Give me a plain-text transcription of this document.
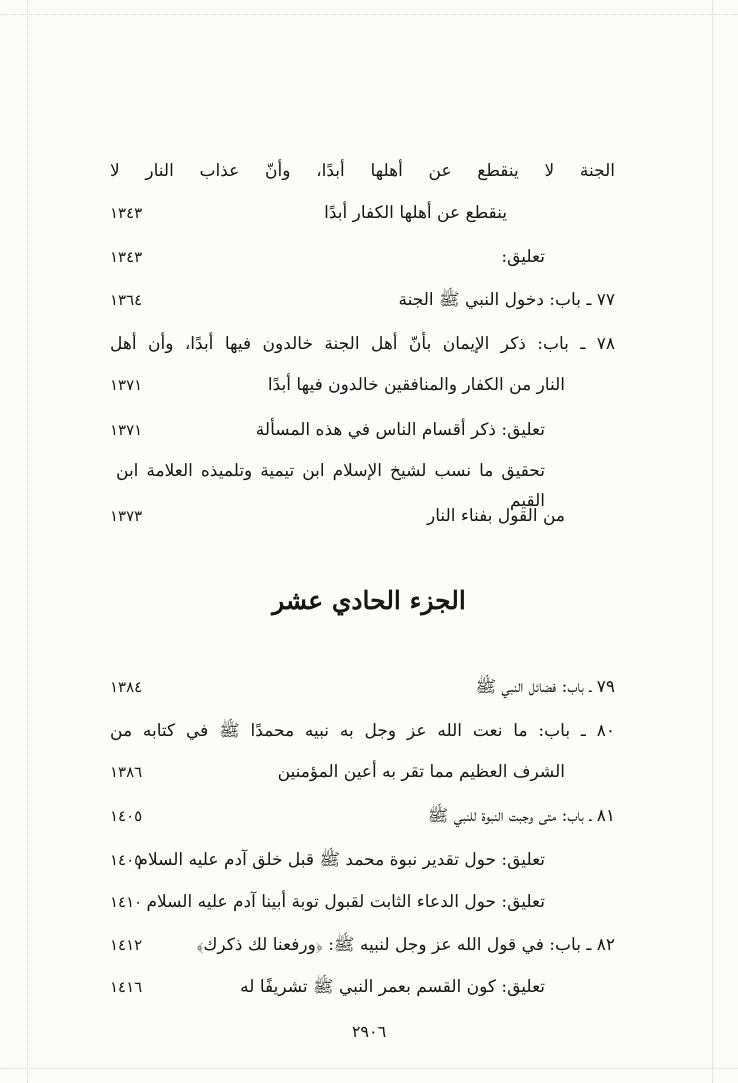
الجنة لا ينقطع عن أهلها أبدًا، وأنّ عذاب النار لا
ينقطع عن أهلها الكفار أبدًا
١٣٤٣
تعليق:
١٣٤٣
٧٧ ـ باب: دخول النبي ﷺ الجنة
١٣٦٤
٧٨ ـ باب: ذكر الإيمان بأنّ أهل الجنة خالدون فيها أبدًا، وأن أهل
النار من الكفار والمنافقين خالدون فيها أبدًا
١٣٧١
تعليق: ذكر أقسام الناس في هذه المسألة
١٣٧١
تحقيق ما نسب لشيخ الإسلام ابن تيمية وتلميذه العلامة ابن القيم
من القول بفناء النار
١٣٧٣
الجزء الحادي عشر
٧٩ ـ باب: فضائل النبي ﷺ
١٣٨٤
٨٠ ـ باب: ما نعت الله عز وجل به نبيه محمدًا ﷺ في كتابه من
الشرف العظيم مما تقر به أعين المؤمنين
١٣٨٦
٨١ ـ باب: متى وجبت النبوة للنبي ﷺ
١٤٠٥
تعليق: حول تقدير نبوة محمد ﷺ قبل خلق آدم عليه السلام
١٤٠٥
تعليق: حول الدعاء الثابت لقبول توبة أبينا آدم عليه السلام
١٤١٠
٨٢ ـ باب: في قول الله عز وجل لنبيه ﷺ: ﴿ورفعنا لك ذكرك﴾
١٤١٢
تعليق: كون القسم بعمر النبي ﷺ تشريفًا له
١٤١٦
٢٩٠٦
